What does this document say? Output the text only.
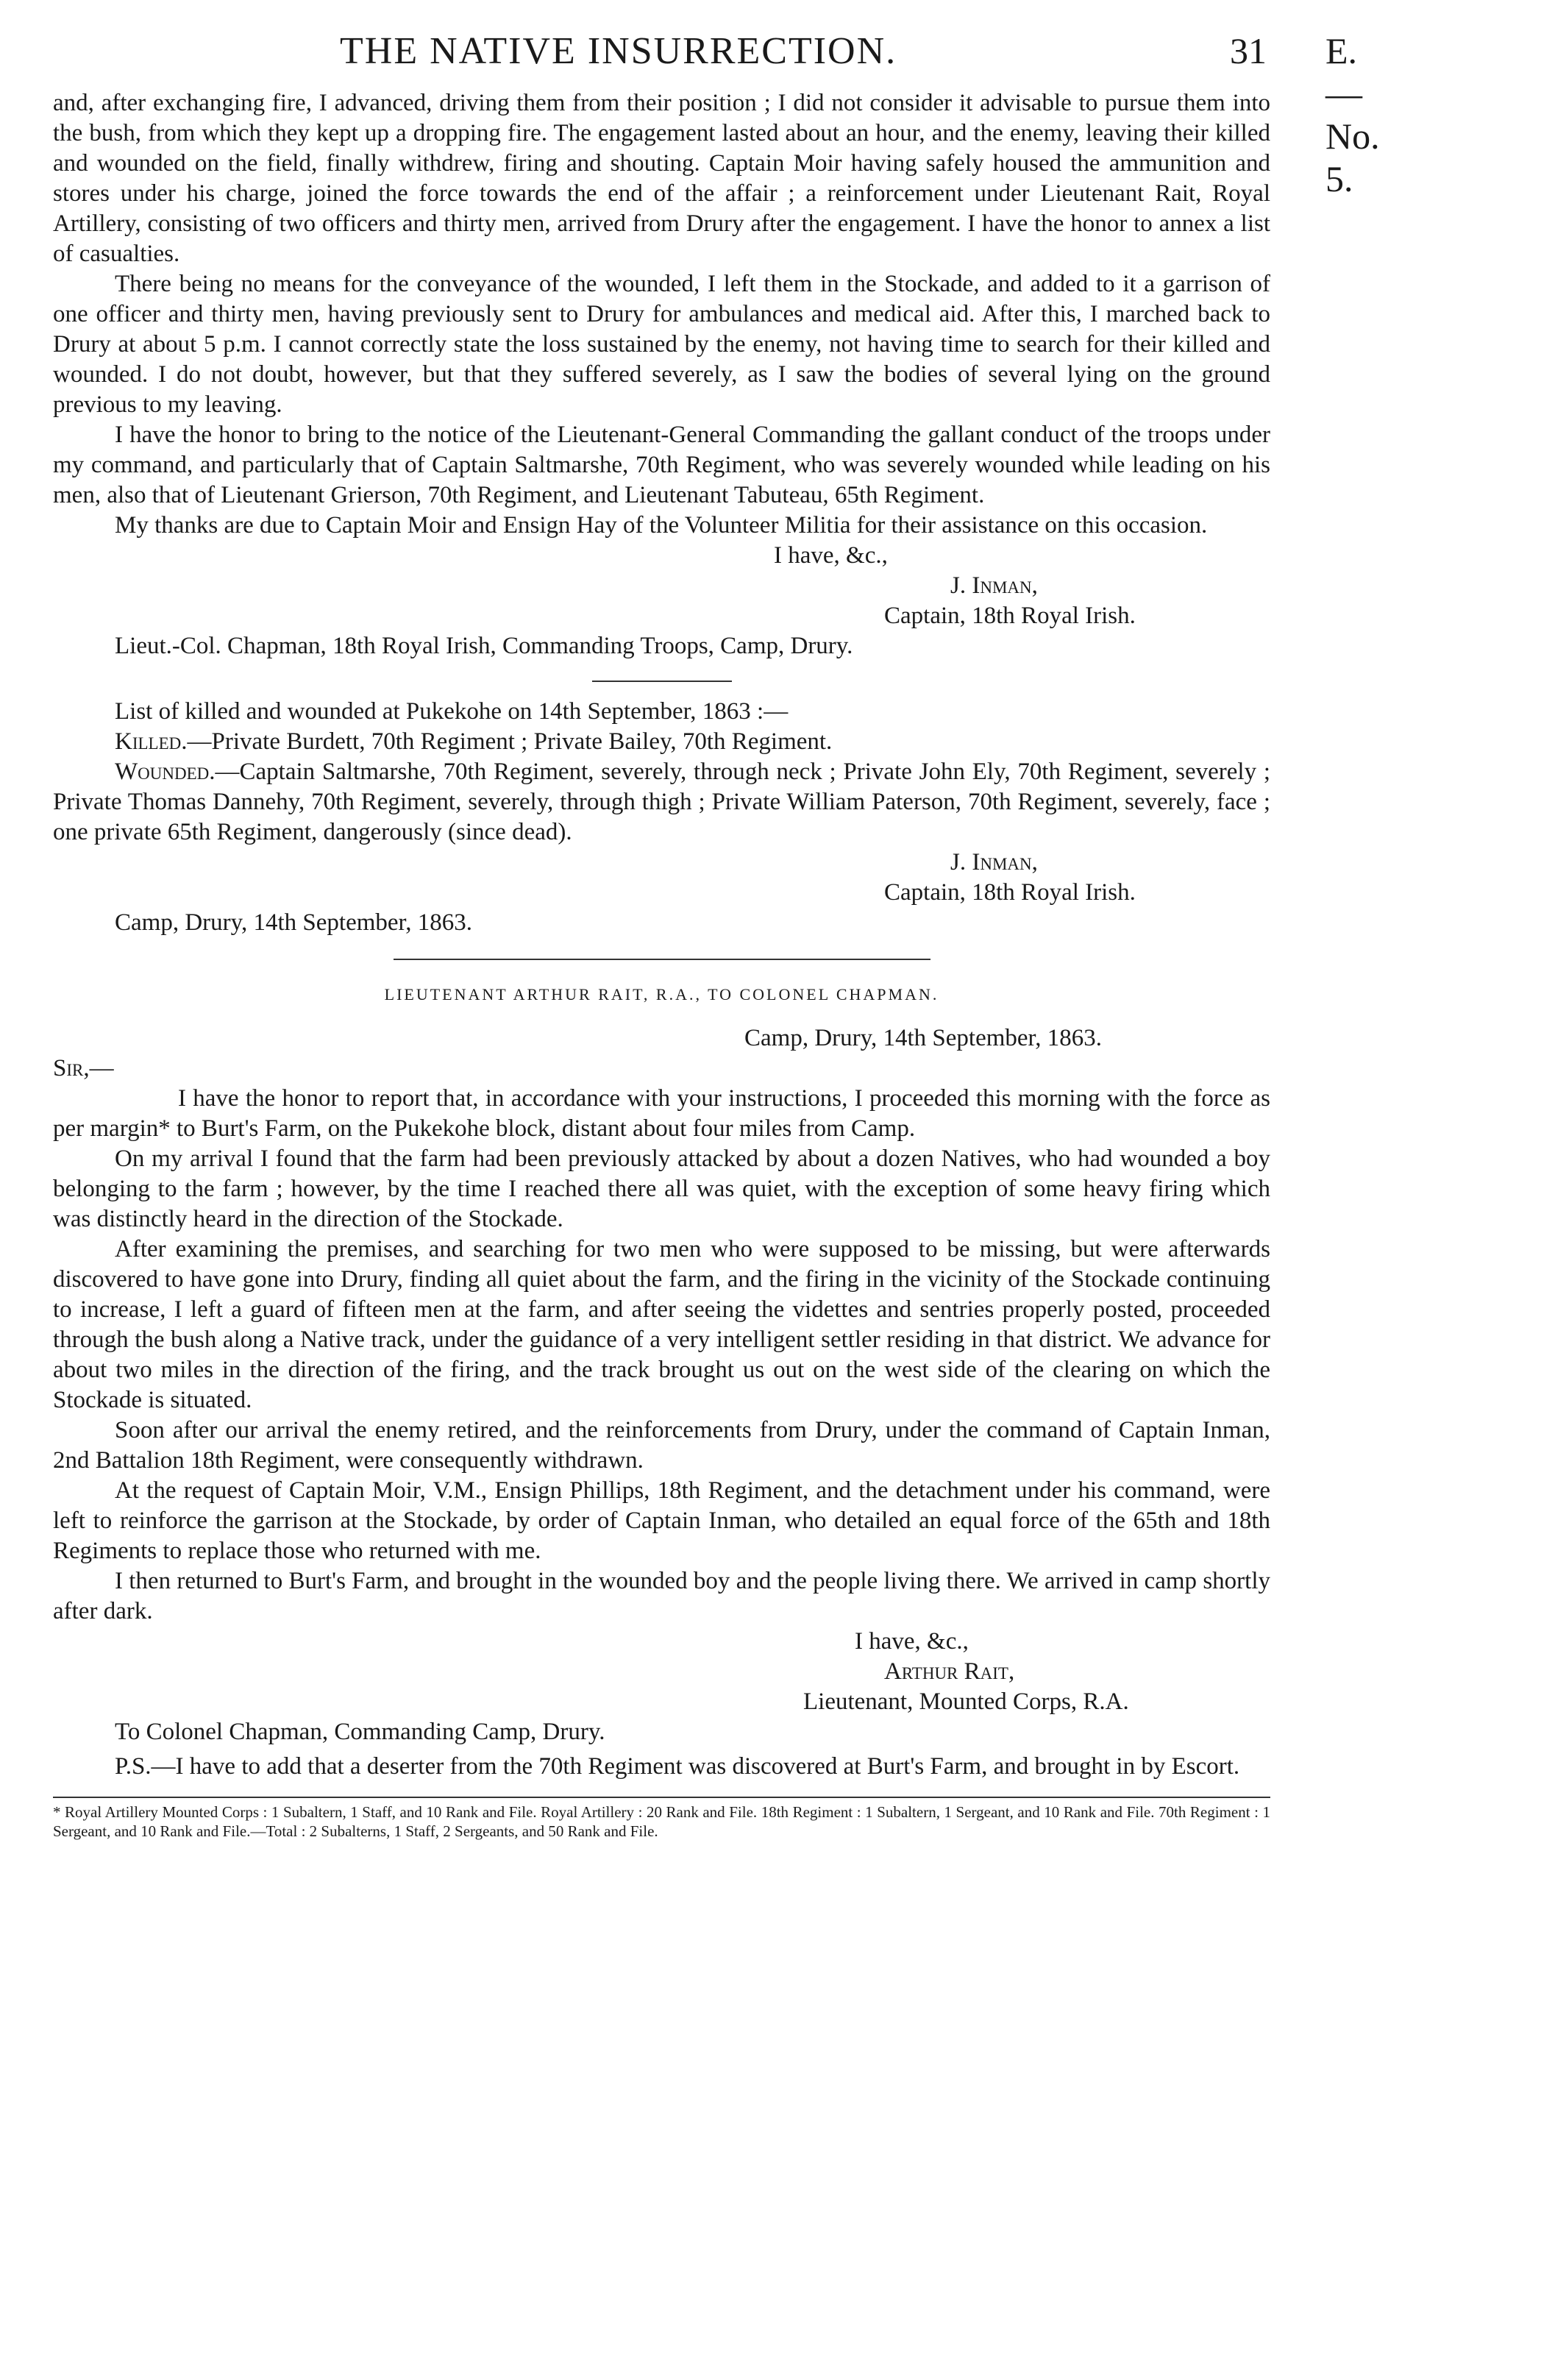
THE NATIVE INSURRECTION.	31 E.—No. 5.

and, after exchanging fire, I advanced, driving them from their position ; I did not consider it advisable to pursue them into the bush, from which they kept up a dropping fire. The engagement lasted about an hour, and the enemy, leaving their killed and wounded on the field, finally withdrew, firing and shouting. Captain Moir having safely housed the ammunition and stores under his charge, joined the force towards the end of the affair ; a reinforcement under Lieutenant Rait, Royal Artillery, consisting of two officers and thirty men, arrived from Drury after the engagement. I have the honor to annex a list of casualties.

There being no means for the conveyance of the wounded, I left them in the Stockade, and added to it a garrison of one officer and thirty men, having previously sent to Drury for ambulances and medical aid. After this, I marched back to Drury at about 5 p.m. I cannot correctly state the loss sustained by the enemy, not having time to search for their killed and wounded. I do not doubt, however, but that they suffered severely, as I saw the bodies of several lying on the ground previous to my leaving.

I have the honor to bring to the notice of the Lieutenant-General Commanding the gallant conduct of the troops under my command, and particularly that of Captain Saltmarshe, 70th Regiment, who was severely wounded while leading on his men, also that of Lieutenant Grierson, 70th Regiment, and Lieutenant Tabuteau, 65th Regiment.

My thanks are due to Captain Moir and Ensign Hay of the Volunteer Militia for their assistance on this occasion.

I have, &c.,

J. Inman,

Captain, 18th Royal Irish.

Lieut.-Col. Chapman, 18th Royal Irish, Commanding Troops, Camp, Drury.

List of killed and wounded at Pukekohe on 14th September, 1863 :—

Killed.—Private Burdett, 70th Regiment ; Private Bailey, 70th Regiment.

Wounded.—Captain Saltmarshe, 70th Regiment, severely, through neck ; Private John Ely, 70th Regiment, severely ; Private Thomas Dannehy, 70th Regiment, severely, through thigh ; Private William Paterson, 70th Regiment, severely, face ; one private 65th Regiment, dangerously (since dead).

J. Inman,

Captain, 18th Royal Irish.

Camp, Drury, 14th September, 1863.

LIEUTENANT ARTHUR RAIT, R.A., TO COLONEL CHAPMAN.

Camp, Drury, 14th September, 1863.

Sir,—

I have the honor to report that, in accordance with your instructions, I proceeded this morning with the force as per margin* to Burt's Farm, on the Pukekohe block, distant about four miles from Camp.

On my arrival I found that the farm had been previously attacked by about a dozen Natives, who had wounded a boy belonging to the farm ; however, by the time I reached there all was quiet, with the exception of some heavy firing which was distinctly heard in the direction of the Stockade.

After examining the premises, and searching for two men who were supposed to be missing, but were afterwards discovered to have gone into Drury, finding all quiet about the farm, and the firing in the vicinity of the Stockade continuing to increase, I left a guard of fifteen men at the farm, and after seeing the videttes and sentries properly posted, proceeded through the bush along a Native track, under the guidance of a very intelligent settler residing in that district. We advance for about two miles in the direction of the firing, and the track brought us out on the west side of the clearing on which the Stockade is situated.

Soon after our arrival the enemy retired, and the reinforcements from Drury, under the command of Captain Inman, 2nd Battalion 18th Regiment, were consequently withdrawn.

At the request of Captain Moir, V.M., Ensign Phillips, 18th Regiment, and the detachment under his command, were left to reinforce the garrison at the Stockade, by order of Captain Inman, who detailed an equal force of the 65th and 18th Regiments to replace those who returned with me.

I then returned to Burt's Farm, and brought in the wounded boy and the people living there. We arrived in camp shortly after dark.

I have, &c.,

Arthur Rait,

Lieutenant, Mounted Corps, R.A.

To Colonel Chapman, Commanding Camp, Drury.

P.S.—I have to add that a deserter from the 70th Regiment was discovered at Burt's Farm, and brought in by Escort.

* Royal Artillery Mounted Corps : 1 Subaltern, 1 Staff, and 10 Rank and File. Royal Artillery : 20 Rank and File. 18th Regiment : 1 Subaltern, 1 Sergeant, and 10 Rank and File. 70th Regiment : 1 Sergeant, and 10 Rank and File.—Total : 2 Subalterns, 1 Staff, 2 Sergeants, and 50 Rank and File.
